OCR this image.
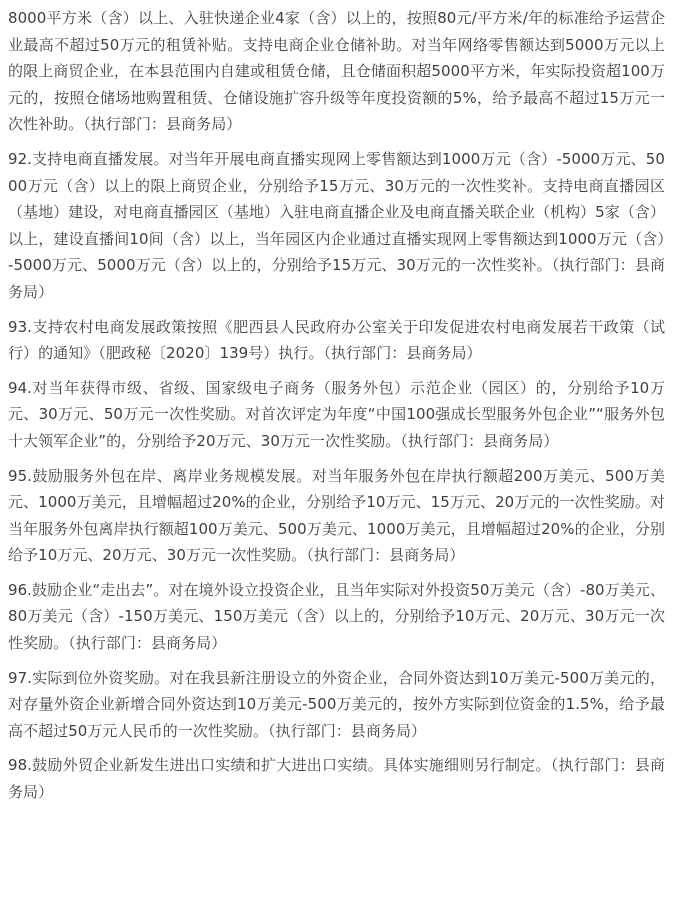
8000平方米（含）以上、入驻快递企业4家（含）以上的，按照80元/平方米/年的标准给予运营企业最高不超过50万元的租赁补贴。支持电商企业仓储补助。对当年网络零售额达到5000万元以上的限上商贸企业，在本县范围内自建或租赁仓储，且仓储面积超5000平方米，年实际投资超100万元的，按照仓储场地购置租赁、仓储设施扩容升级等年度投资额的5%，给予最高不超过15万元一次性补助。（执行部门：县商务局）

92.支持电商直播发展。对当年开展电商直播实现网上零售额达到1000万元（含）-5000万元、5000万元（含）以上的限上商贸企业，分别给予15万元、30万元的一次性奖补。支持电商直播园区（基地）建设，对电商直播园区（基地）入驻电商直播企业及电商直播关联企业（机构）5家（含）以上，建设直播间10间（含）以上，当年园区内企业通过直播实现网上零售额达到1000万元（含）-5000万元、5000万元（含）以上的，分别给予15万元、30万元的一次性奖补。（执行部门：县商务局）

93.支持农村电商发展政策按照《肥西县人民政府办公室关于印发促进农村电商发展若干政策（试行）的通知》（肥政秘〔2020〕139号）执行。（执行部门：县商务局）

94.对当年获得市级、省级、国家级电子商务（服务外包）示范企业（园区）的，分别给予10万元、30万元、50万元一次性奖励。对首次评定为年度“中国100强成长型服务外包企业”“服务外包十大领军企业”的，分别给予20万元、30万元一次性奖励。（执行部门：县商务局）

95.鼓励服务外包在岸、离岸业务规模发展。对当年服务外包在岸执行额超200万美元、500万美元、1000万美元，且增幅超过20%的企业，分别给予10万元、15万元、20万元的一次性奖励。对当年服务外包离岸执行额超100万美元、500万美元、1000万美元，且增幅超过20%的企业，分别给予10万元、20万元、30万元一次性奖励。（执行部门：县商务局）

96.鼓励企业“走出去”。对在境外设立投资企业，且当年实际对外投资50万美元（含）-80万美元、80万美元（含）-150万美元、150万美元（含）以上的，分别给予10万元、20万元、30万元一次性奖励。（执行部门：县商务局）

97.实际到位外资奖励。对在我县新注册设立的外资企业，合同外资达到10万美元-500万美元的，对存量外资企业新增合同外资达到10万美元-500万美元的，按外方实际到位资金的1.5%，给予最高不超过50万元人民币的一次性奖励。（执行部门：县商务局）

98.鼓励外贸企业新发生进出口实绩和扩大进出口实绩。具体实施细则另行制定。（执行部门：县商务局）
